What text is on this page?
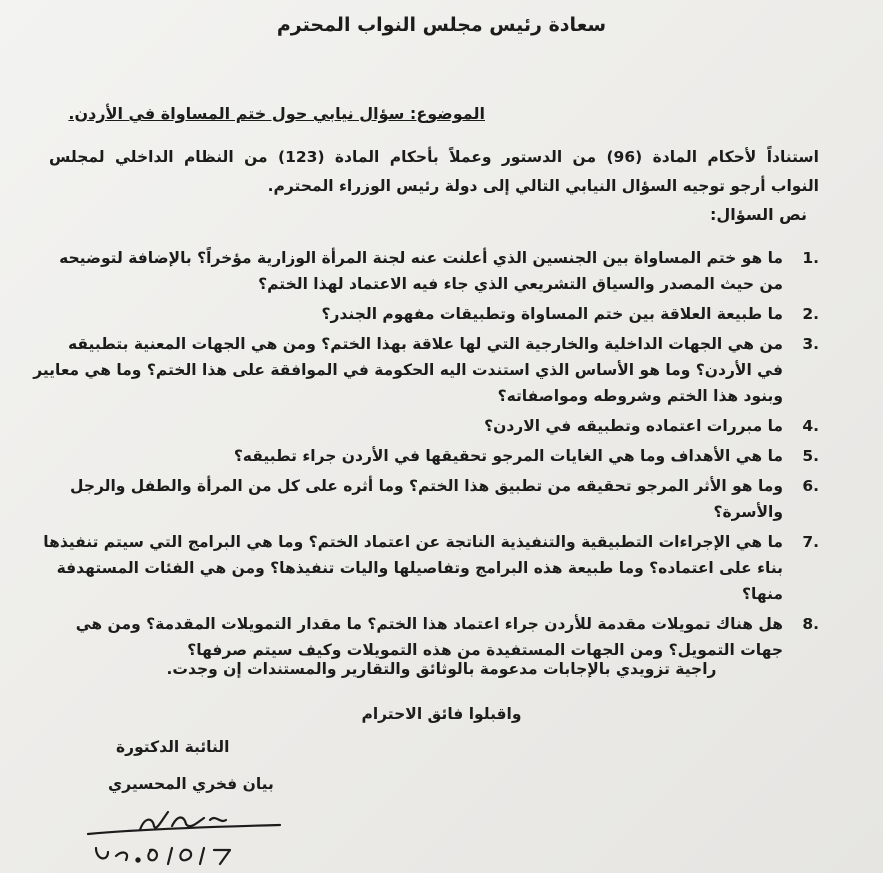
سعادة رئيس مجلس النواب المحترم
الموضوع: سؤال نيابي حول ختم المساواة في الأردن.
استناداً لأحكام المادة (96) من الدستور وعملاً بأحكام المادة (123) من النظام الداخلي لمجلس
النواب أرجو توجيه السؤال النيابي التالي إلى دولة رئيس الوزراء المحترم.
نص السؤال:
1.
ما هو ختم المساواة بين الجنسين الذي أعلنت عنه لجنة المرأة الوزارية مؤخراً؟ بالإضافة لتوضيحه
من حيث المصدر والسياق التشريعي الذي جاء فيه الاعتماد لهذا الختم؟
2.
ما طبيعة العلاقة بين ختم المساواة وتطبيقات مفهوم الجندر؟
3.
من هي الجهات الداخلية والخارجية التي لها علاقة بهذا الختم؟ ومن هي الجهات المعنية بتطبيقه
في الأردن؟ وما هو الأساس الذي استندت اليه الحكومة في الموافقة على هذا الختم؟ وما هي معايير
وبنود هذا الختم وشروطه ومواصفاته؟
4.
ما مبررات اعتماده وتطبيقه في الاردن؟
5.
ما هي الأهداف وما هي الغايات المرجو تحقيقها في الأردن جراء تطبيقه؟
6.
وما هو الأثر المرجو تحقيقه من تطبيق هذا الختم؟ وما أثره على كل من المرأة والطفل والرجل
والأسرة؟
7.
ما هي الإجراءات التطبيقية والتنفيذية الناتجة عن اعتماد الختم؟ وما هي البرامج التي سيتم تنفيذها
بناء على اعتماده؟ وما طبيعة هذه البرامج وتفاصيلها واليات تنفيذها؟ ومن هي الفئات المستهدفة
منها؟
8.
هل هناك تمويلات مقدمة للأردن جراء اعتماد هذا الختم؟ ما مقدار التمويلات المقدمة؟ ومن هي
جهات التمويل؟ ومن الجهات المستفيدة من هذه التمويلات وكيف سيتم صرفها؟
راجية تزويدي بالإجابات مدعومة بالوثائق والتقارير والمستندات إن وجدت.
واقبلوا فائق الاحترام
النائبة الدكتورة
بيان فخري المحسيري
